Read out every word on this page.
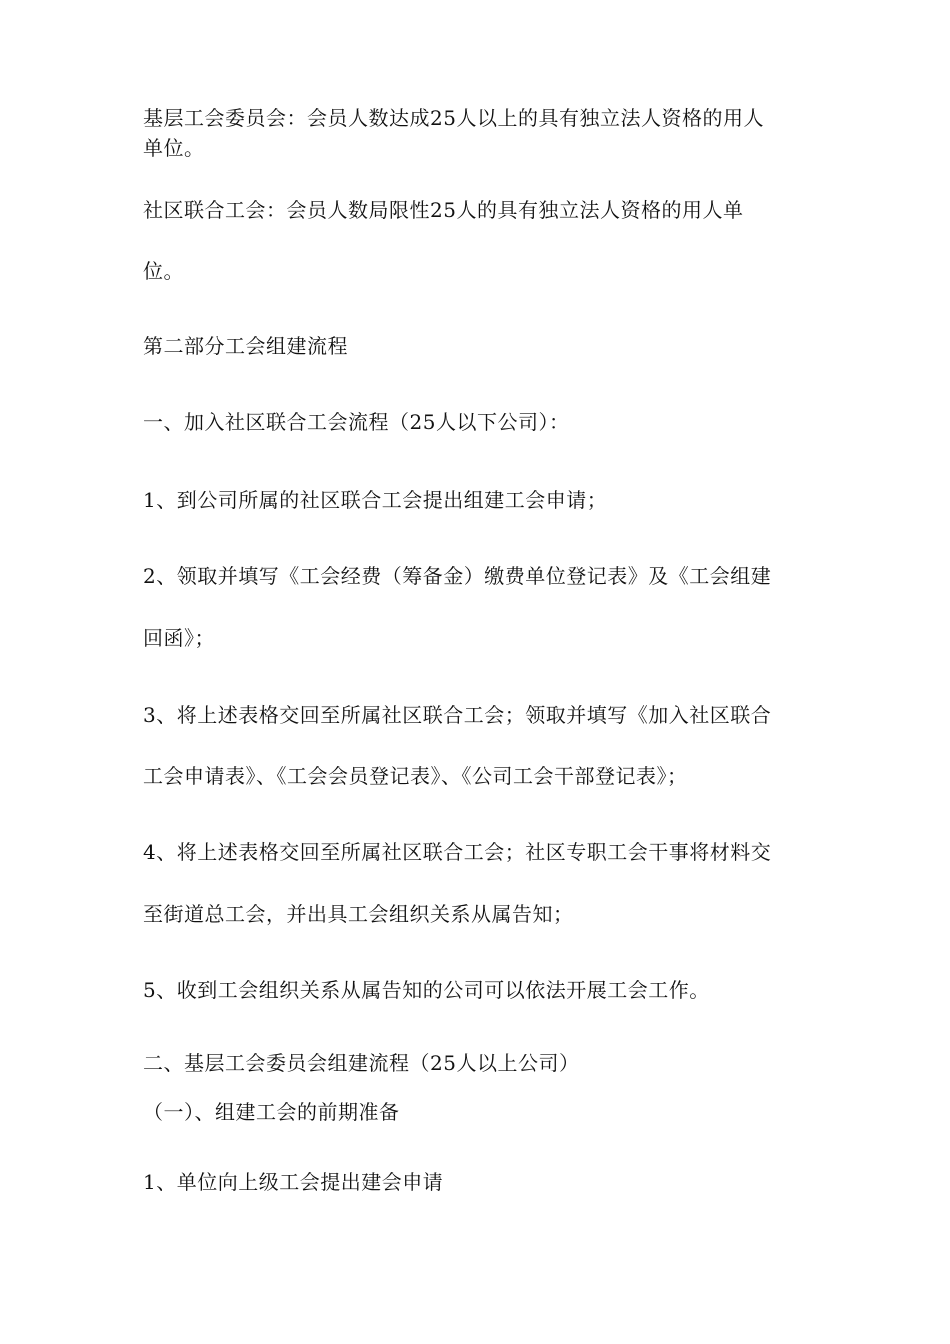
基层工会委员会：会员人数达成25人以上的具有独立法人资格的用人
单位。
社区联合工会：会员人数局限性25人的具有独立法人资格的用人单
位。
第二部分工会组建流程
一、加入社区联合工会流程（25人以下公司）：
1、到公司所属的社区联合工会提出组建工会申请；
2、领取并填写《工会经费（筹备金）缴费单位登记表》及《工会组建
回函》；
3、将上述表格交回至所属社区联合工会；领取并填写《加入社区联合
工会申请表》、《工会会员登记表》、《公司工会干部登记表》；
4、将上述表格交回至所属社区联合工会；社区专职工会干事将材料交
至街道总工会，并出具工会组织关系从属告知；
5、收到工会组织关系从属告知的公司可以依法开展工会工作。
二、基层工会委员会组建流程（25人以上公司）
（一）、组建工会的前期准备
1、单位向上级工会提出建会申请
